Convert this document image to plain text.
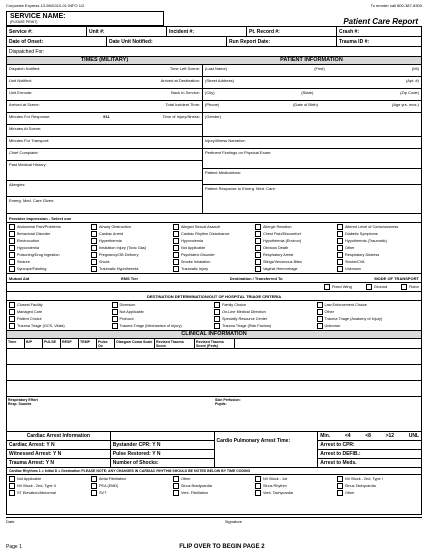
Corporate Express 13-9841110-01 INFO 1/2	To reorder call 800-387-8300
SERVICE NAME:
(PLEASE PRINT)	Patient Care Report
Service #:	Unit #:	Incident #:	Pt. Record #:	Crash #:
Date of Onset:	Date Unit Notified:	Run Report Date:	Trauma ID #:
Dispatched For:
TIMES (MILITARY)	PATIENT INFORMATION
Dispatch Notified:	Time Left Scene:
Unit Notified:	Arrived at Destination:
Unit Enroute:	Back In Service:
Arrived at Scene:	Total Incident Time:
Minutes For Response:	911	Time of Injury/Illness:
Minutes At Scene:
Minutes For Transport:
Chief Complaint:
Past Medical History:
Allergies:
Emerg. Med. Care Given:
(Last Name)	(First)	(MI)
(Street Address)	(Apt. #)
(City)	(State)	(Zip Code)
(Phone)	(Date of Birth)	(Age yrs. mos.)
(Gender)
Injury/Illness Narrative:
Pertinent Findings on Physical Exam:
Patient Medications:
Patient Response to Emerg. Med. Care:
Provider Impression - Select one
Abdominal Pain/Problems	Airway Obstruction	Alleged Sexual Assault	Allergic Reaction	Altered Level of Consciousness
Behavioral Disorder	Cardiac Arrest	Cardiac Rhythm Disturbance	Chest Pain/Discomfort	Diabetic Symptoms
Electrocution	Hyperthermia	Hypovolemia	Hypothermia (Environ)	Hypothermia (Traumatic)
Hypovolemia	Inhalation Injury (Toxic Gas)	Not Applicable	Obvious Death	Other
Poisoning/Drug Ingestion	Pregnancy/OB Delivery	Psychiatric Disorder	Respiratory Arrest	Respiratory Distress
Seizure	Shock	Smoke Inhalation	Stings/Venomous Bites	Stroke/CVA
Syncope/Fainting	Traumatic Hypothermia	Traumatic Injury	Vaginal Hemorrhage	Unknown
Mutual Aid	EMS Tier	Destination / Transferred To	MODE OF TRANSPORT
Fixed Wing	Ground	Rotor
DESTINATION DETERMINATION/OUT OF HOSPITAL TRIAGE CRITERIA
Closest Facility	Diversion	Family Choice	Law Enforcement Choice
Managed Care	Not Applicable	On-Line Medical Direction	Other
Patient Choice	Protocol	Specialty Resource Center	Trauma Triage (Anatomy of Injury)
Trauma Triage (GCS, Vitals)	Trauma Triage (Mechanism of Injury)	Trauma Triage (Risk Factors)	Unknown
CLINICAL INFORMATION
Time	B/P	PULSE	RESP	TEMP	Pulse Ox
Glasgow Coma Scale	Revised Trauma Score
Revised Trauma Score (Peds)
Respiratory Effort
Resp. Sounds
Skin Perfusion:
Pupils:
Cardiac Arrest Information
Cardiac Arrest:
Y N
Witnessed Arrest:
Y N
Trauma Arrest:
Y N
Bystander CPR:
Y N
Pulse Restored:
Y N
Number of Shocks:
Cardio Pulmonary Arrest Time:
Min.	<4	<8	>12	UNL
Arrest to CPR:
Arrest to DEFIB.:
Arrest to Meds.
Cardiac Rhythms 1 = Initial D = Destination PLEASE NOTE: ANY CHANGES IN CARDIAC RHYTHM SHOULD BE NOTED BELOW BY TIME CODING
Not Applicable	Atrial Fibrillation	Other	NV Block - 1st	NV Block - 2nd, Type I
NV Block - 2nd, Type II	PEA (EMD)	Sinus Bradycardia	Sinus Rhythm	Sinus Tachycardia
ST Elevation/Abnormal	SVT	Vent. Fibrillation	Vent. Tachycardia	Other
Date	Signature
Page 1	FLIP OVER TO BEGIN PAGE 2
